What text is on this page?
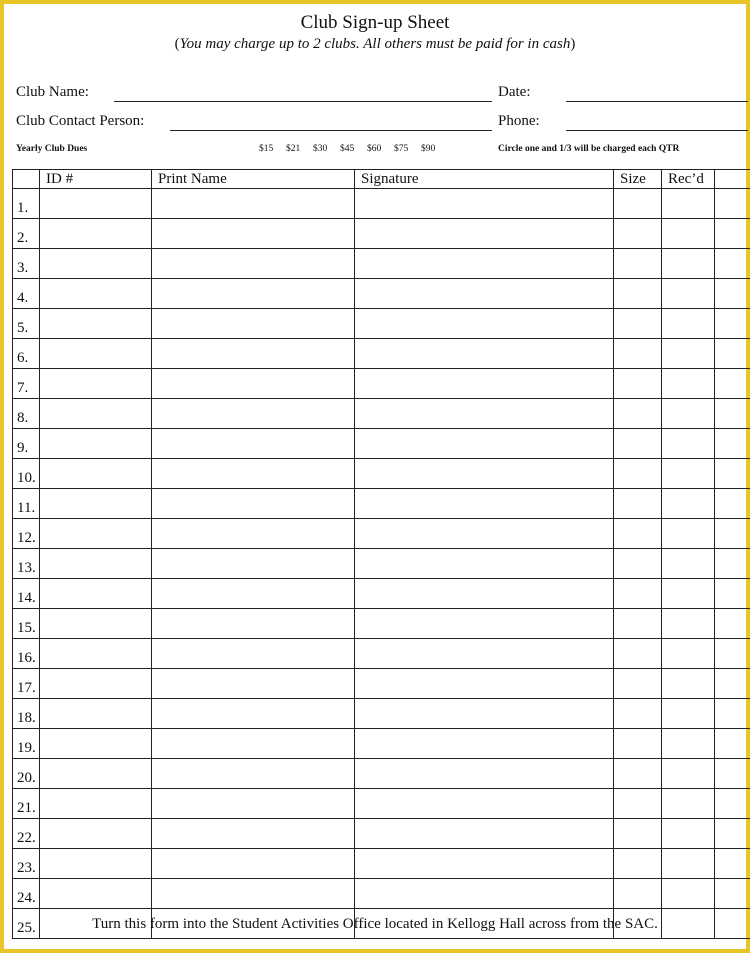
Club Sign-up Sheet
(You may charge up to 2 clubs. All others must be paid for in cash)
Club Name:	Date:
Club Contact Person:	Phone:
Yearly Club Dues	$15	$21	$30	$45	$60	$75	$90	Circle one and 1/3 will be charged each QTR
	ID #	Print Name	Signature	Size	Rec’d	
1.						
2.						
3.						
4.						
5.						
6.						
7.						
8.						
9.						
10.						
11.						
12.						
13.						
14.						
15.						
16.						
17.						
18.						
19.						
20.						
21.						
22.						
23.						
24.						
25.							Turn this form into the Student Activities Office located in Kellogg Hall across from the SAC.
